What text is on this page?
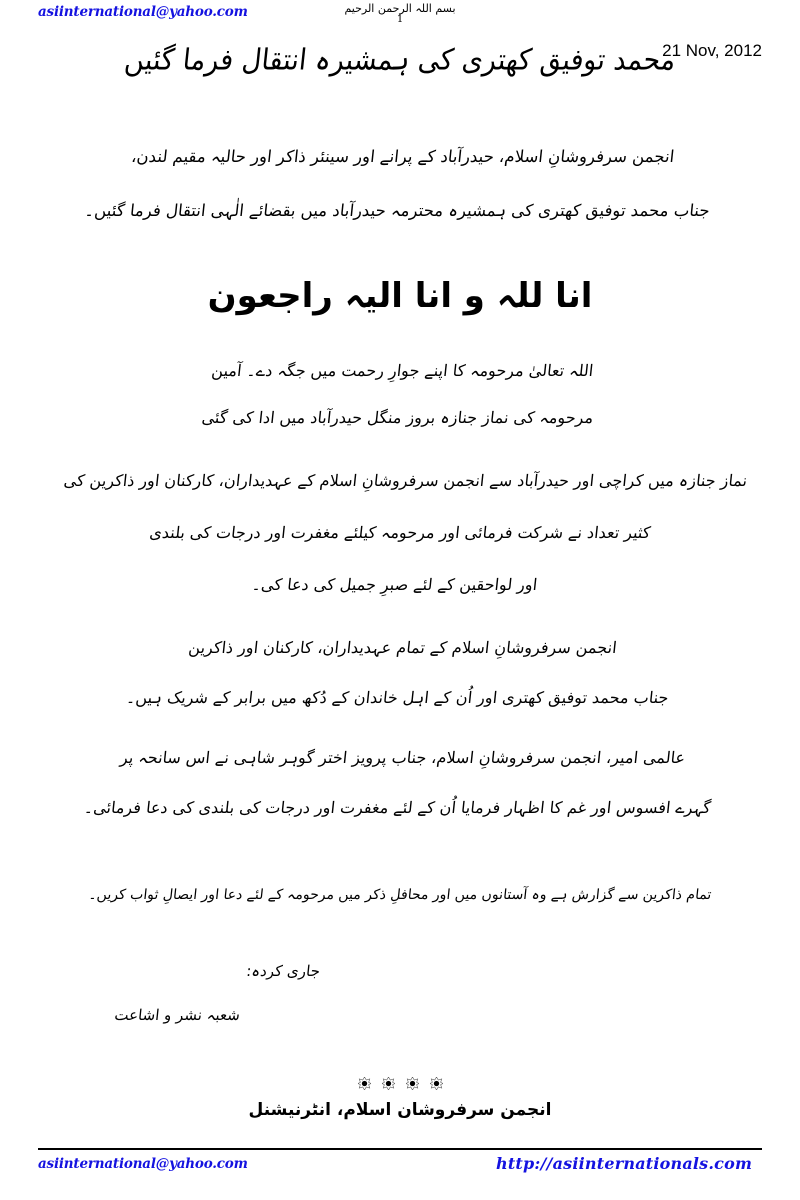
asiinternational@yahoo.com	بسم اللہ الرحمن الرحیم
1
21 Nov, 2012
محمد توفیق کھتری کی ہمشیرہ انتقال فرما گئیں
انجمن سرفروشانِ اسلام، حیدرآباد کے پرانے اور سینئر ذاکر اور حالیہ مقیم لندن،
جناب محمد توفیق کھتری کی ہمشیرہ محترمہ حیدرآباد میں بقضائے الٰہی انتقال فرما گئیں۔
انا للہ و انا الیہ راجعون
اللہ تعالیٰ مرحومہ کا اپنے جوارِ رحمت میں جگہ دے۔ آمین
مرحومہ کی نماز جنازہ بروز منگل حیدرآباد میں ادا کی گئی
نماز جنازہ میں کراچی اور حیدرآباد سے انجمن سرفروشانِ اسلام کے عہدیداران، کارکنان اور ذاکرین کی
کثیر تعداد نے شرکت فرمائی اور مرحومہ کیلئے مغفرت اور درجات کی بلندی
اور لواحقین کے لئے صبرِ جمیل کی دعا کی۔
انجمن سرفروشانِ اسلام کے تمام عہدیداران، کارکنان اور ذاکرین
جناب محمد توفیق کھتری اور اُن کے اہل خاندان کے دُکھ میں برابر کے شریک ہیں۔
عالمی امیر، انجمن سرفروشانِ اسلام، جناب پرویز اختر گوہر شاہی نے اس سانحہ پر
گہرے افسوس اور غم کا اظہار فرمایا اُن کے لئے مغفرت اور درجات کی بلندی کی دعا فرمائی۔
تمام ذاکرین سے گزارش ہے وہ آستانوں میں اور محافلِ ذکر میں مرحومہ کے لئے دعا اور ایصالِ ثواب کریں۔
جاری کردہ:
شعبہ نشر و اشاعت
انجمن سرفروشان اسلام، انٹرنیشنل
asiinternational@yahoo.com	http://asiinternationals.com
